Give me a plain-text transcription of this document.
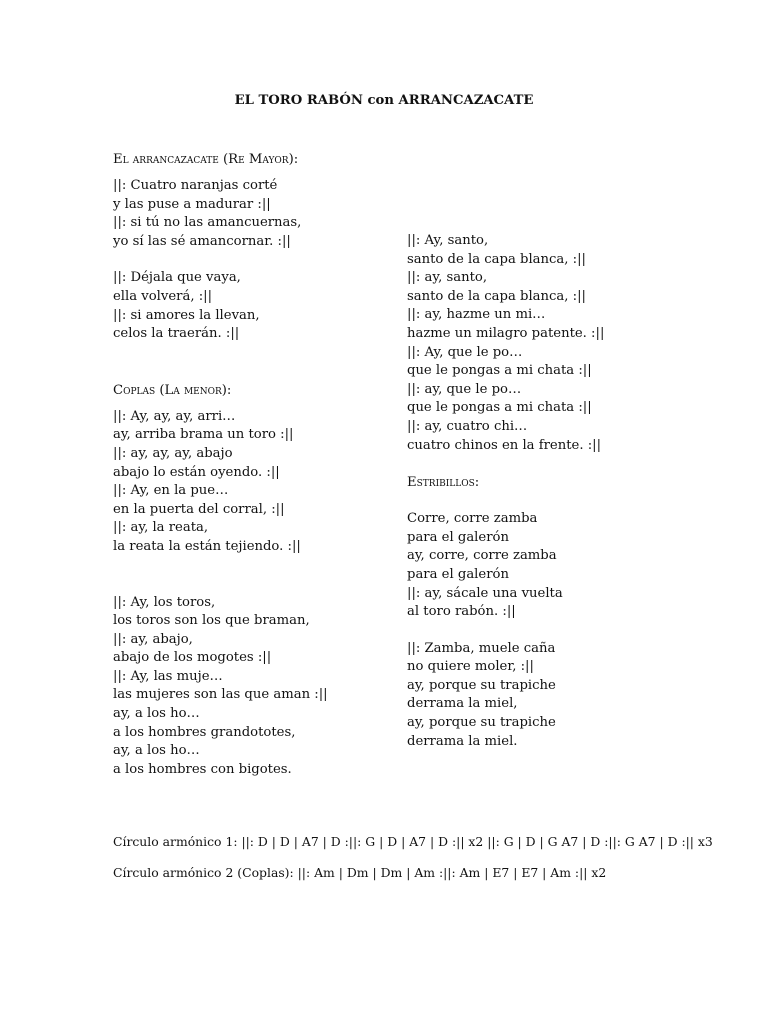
EL TORO RABÓN con ARRANCAZACATE

El arrancazacate (Re Mayor):

||: Cuatro naranjas corté
y las puse a madurar :||
||: si tú no las amancuernas,
yo sí las sé amancornar. :||
||: Déjala que vaya,
ella volverá, :||
||: si amores la llevan,
celos la traerán. :||

Coplas (La menor):

||: Ay, ay, ay, arri…
ay, arriba brama un toro :||
||: ay, ay, ay, abajo
abajo lo están oyendo. :||
||: Ay, en la pue…
en la puerta del corral, :||
||: ay, la reata,
la reata la están tejiendo. :||
||: Ay, los toros,
los toros son los que braman,
||: ay, abajo,
abajo de los mogotes :||
||: Ay, las muje…
las mujeres son las que aman :||
ay, a los ho…
a los hombres grandototes,
ay, a los ho…
a los hombres con bigotes.
||: Ay, santo,
santo de la capa blanca, :||
||: ay, santo,
santo de la capa blanca, :||
||: ay, hazme un mi…
hazme un milagro patente. :||
||: Ay, que le po…
que le pongas a mi chata :||
||: ay, que le po…
que le pongas a mi chata :||
||: ay, cuatro chi…
cuatro chinos en la frente. :||

Estribillos:

Corre, corre zamba
para el galerón
ay, corre, corre zamba
para el galerón
||: ay, sácale una vuelta
al toro rabón. :||
||: Zamba, muele caña
no quiere moler, :||
ay, porque su trapiche
derrama la miel,
ay, porque su trapiche
derrama la miel.
Círculo armónico 1: ||: D | D | A7 | D :||: G | D | A7 | D :|| x2 ||: G | D | G A7 | D :||: G A7 | D :|| x3
Círculo armónico 2 (Coplas): ||: Am | Dm | Dm | Am :||: Am | E7 | E7 | Am :|| x2
